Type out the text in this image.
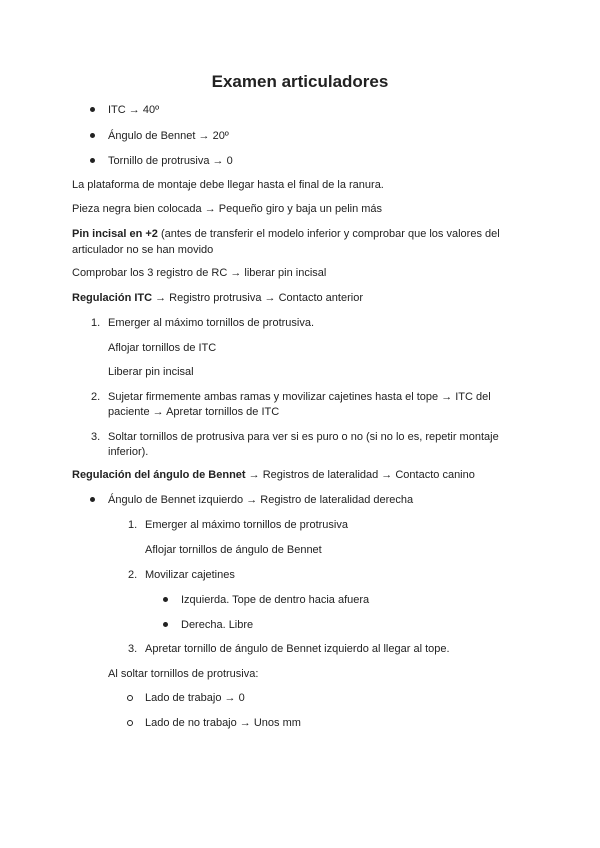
Examen articuladores
ITC → 40º
Ángulo de Bennet → 20º
Tornillo de protrusiva → 0
La plataforma de montaje debe llegar hasta el final de la ranura.
Pieza negra bien colocada → Pequeño giro y baja un pelin más
Pin incisal en +2 (antes de transferir el modelo inferior y comprobar que los valores del
articulador no se han movido
Comprobar los 3 registro de RC → liberar pin incisal
Regulación ITC → Registro protrusiva → Contacto anterior
1. Emerger al máximo tornillos de protrusiva.
Aflojar tornillos de ITC
Liberar pin incisal
2. Sujetar firmemente ambas ramas y movilizar cajetines hasta el tope → ITC del
paciente → Apretar tornillos de ITC
3. Soltar tornillos de protrusiva para ver si es puro o no (si no lo es, repetir montaje
inferior).
Regulación del ángulo de Bennet → Registros de lateralidad → Contacto canino
Ángulo de Bennet izquierdo → Registro de lateralidad derecha
1. Emerger al máximo tornillos de protrusiva
Aflojar tornillos de ángulo de Bennet
2. Movilizar cajetines
Izquierda. Tope de dentro hacia afuera
Derecha. Libre
3. Apretar tornillo de ángulo de Bennet izquierdo al llegar al tope.
Al soltar tornillos de protrusiva:
Lado de trabajo → 0
Lado de no trabajo → Unos mm
